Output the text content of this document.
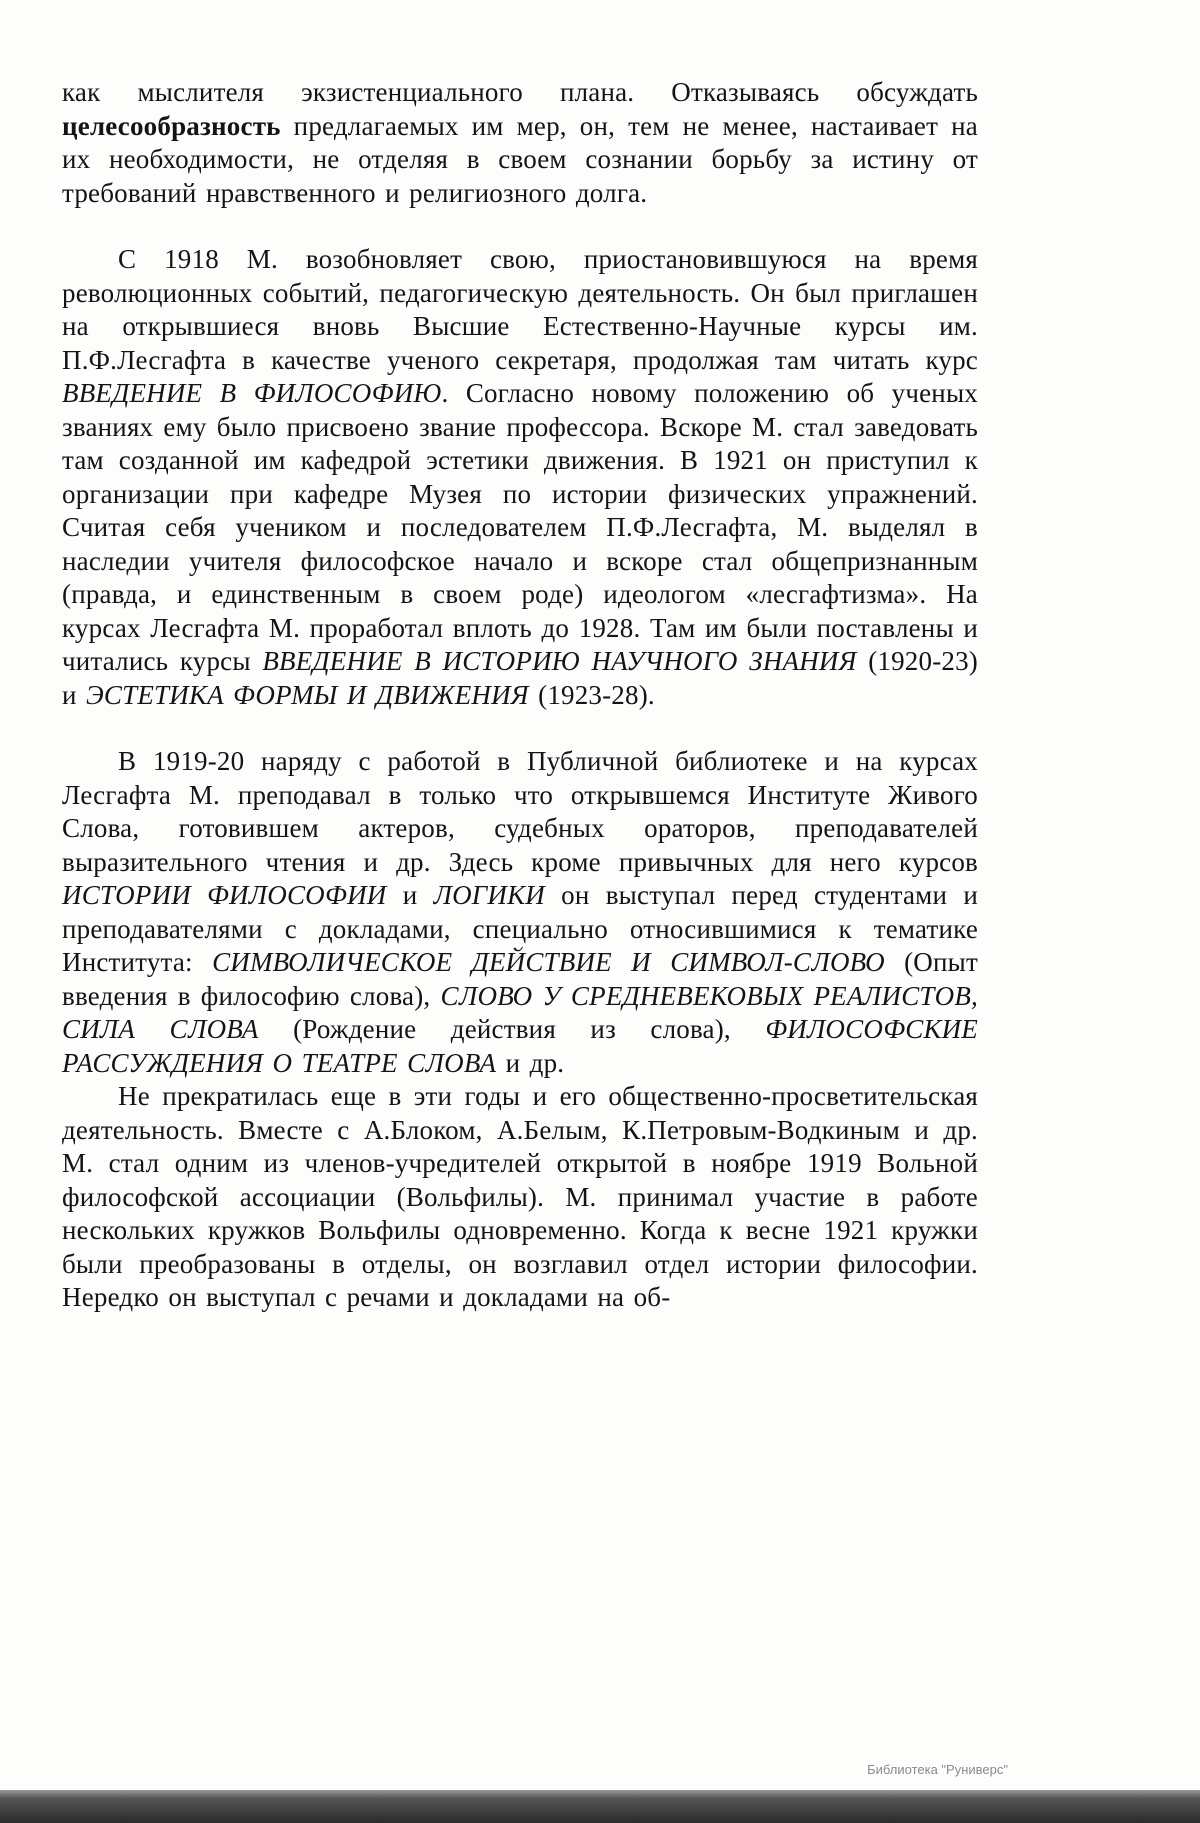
как мыслителя экзистенциального плана. Отказываясь обсуждать целесообразность предлагаемых им мер, он, тем не менее, настаивает на их необходимости, не отделяя в своем сознании борьбу за истину от требований нравственного и религиозного долга.

С 1918 М. возобновляет свою, приостановившуюся на время революционных событий, педагогическую деятельность. Он был приглашен на открывшиеся вновь Высшие Естественно-Научные курсы им. П.Ф.Лесгафта в качестве ученого секретаря, продолжая там читать курс ВВЕДЕНИЕ В ФИЛОСОФИЮ. Согласно новому положению об ученых званиях ему было присвоено звание профессора. Вскоре М. стал заведовать там созданной им кафедрой эстетики движения. В 1921 он приступил к организации при кафедре Музея по истории физических упражнений. Считая себя учеником и последователем П.Ф.Лесгафта, М. выделял в наследии учителя философское начало и вскоре стал общепризнанным (правда, и единственным в своем роде) идеологом «лесгафтизма». На курсах Лесгафта М. проработал вплоть до 1928. Там им были поставлены и читались курсы ВВЕДЕНИЕ В ИСТОРИЮ НАУЧНОГО ЗНАНИЯ (1920-23) и ЭСТЕТИКА ФОРМЫ И ДВИЖЕНИЯ (1923-28).

В 1919-20 наряду с работой в Публичной библиотеке и на курсах Лесгафта М. преподавал в только что открывшемся Институте Живого Слова, готовившем актеров, судебных ораторов, преподавателей выразительного чтения и др. Здесь кроме привычных для него курсов ИСТОРИИ ФИЛОСОФИИ и ЛОГИКИ он выступал перед студентами и преподавателями с докладами, специально относившимися к тематике Института: СИМВОЛИЧЕСКОЕ ДЕЙСТВИЕ И СИМВОЛ-СЛОВО (Опыт введения в философию слова), СЛОВО У СРЕДНЕВЕКОВЫХ РЕАЛИСТОВ, СИЛА СЛОВА (Рождение действия из слова), ФИЛОСОФСКИЕ РАССУЖДЕНИЯ О ТЕАТРЕ СЛОВА и др.

Не прекратилась еще в эти годы и его общественно-просветительская деятельность. Вместе с А.Блоком, А.Белым, К.Петровым-Водкиным и др. М. стал одним из членов-учредителей открытой в ноябре 1919 Вольной философской ассоциации (Вольфилы). М. принимал участие в работе нескольких кружков Вольфилы одновременно. Когда к весне 1921 кружки были преобразованы в отделы, он возглавил отдел истории философии. Нередко он выступал с речами и докладами на об-

Библиотека "Руниверс"
